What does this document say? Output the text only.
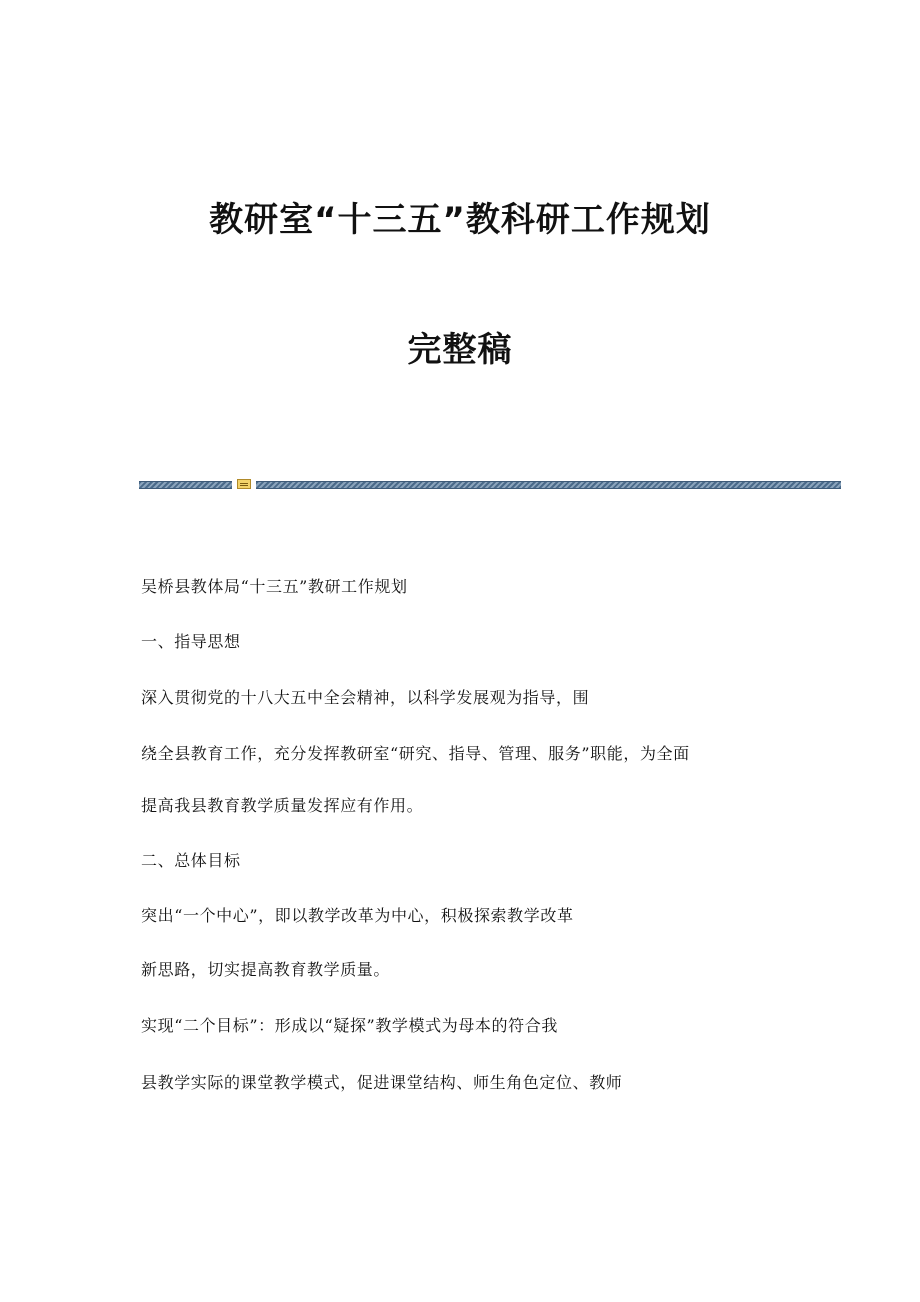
教研室“十三五”教科研工作规划
完整稿
吴桥县教体局“十三五”教研工作规划
一、指导思想
深入贯彻党的十八大五中全会精神，以科学发展观为指导，围
绕全县教育工作，充分发挥教研室“研究、指导、管理、服务”职能，为全面
提高我县教育教学质量发挥应有作用。
二、总体目标
突出“一个中心”，即以教学改革为中心，积极探索教学改革
新思路，切实提高教育教学质量。
实现“二个目标”：形成以“疑探”教学模式为母本的符合我
县教学实际的课堂教学模式，促进课堂结构、师生角色定位、教师
